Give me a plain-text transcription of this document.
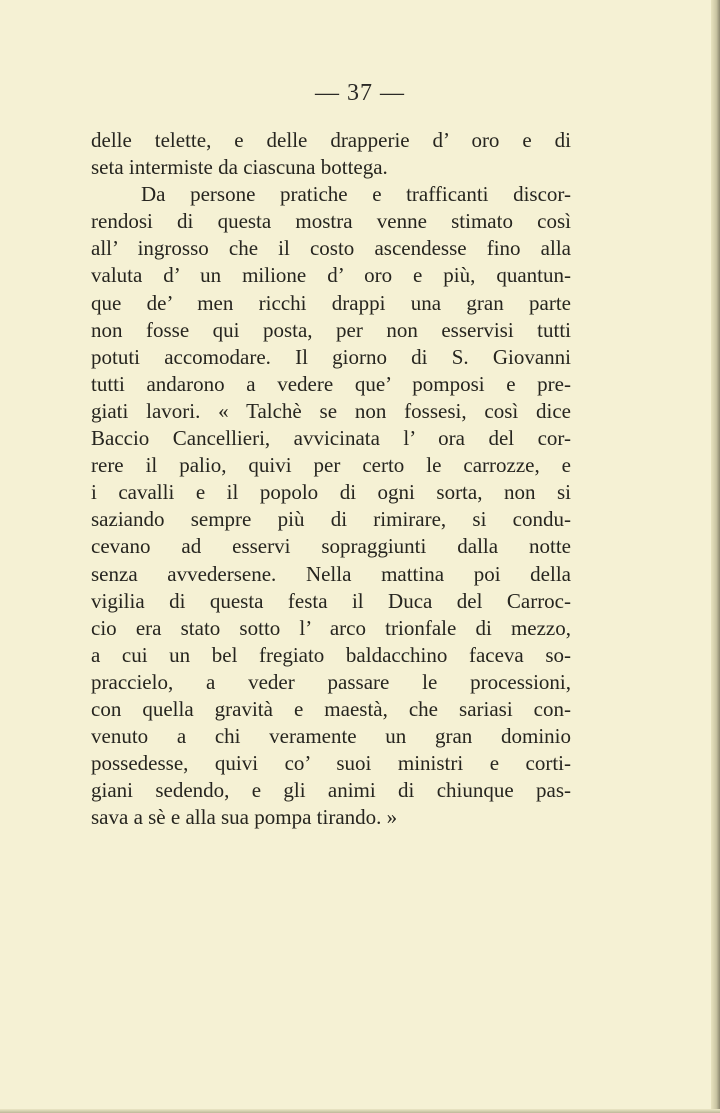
— 37 —
delle telette, e delle drapperie d’ oro e di
seta intermiste da ciascuna bottega.
Da persone pratiche e trafficanti discor-
rendosi di questa mostra venne stimato così
all’ ingrosso che il costo ascendesse fino alla
valuta d’ un milione d’ oro e più, quantun-
que de’ men ricchi drappi una gran parte
non fosse qui posta, per non esservisi tutti
potuti accomodare. Il giorno di S. Giovanni
tutti andarono a vedere que’ pomposi e pre-
giati lavori. « Talchè se non fossesi, così dice
Baccio Cancellieri, avvicinata l’ ora del cor-
rere il palio, quivi per certo le carrozze, e
i cavalli e il popolo di ogni sorta, non si
saziando sempre più di rimirare, si condu-
cevano ad esservi sopraggiunti dalla notte
senza avvedersene. Nella mattina poi della
vigilia di questa festa il Duca del Carroc-
cio era stato sotto l’ arco trionfale di mezzo,
a cui un bel fregiato baldacchino faceva so-
praccielo, a veder passare le processioni,
con quella gravità e maestà, che sariasi con-
venuto a chi veramente un gran dominio
possedesse, quivi co’ suoi ministri e corti-
giani sedendo, e gli animi di chiunque pas-
sava a sè e alla sua pompa tirando. »
